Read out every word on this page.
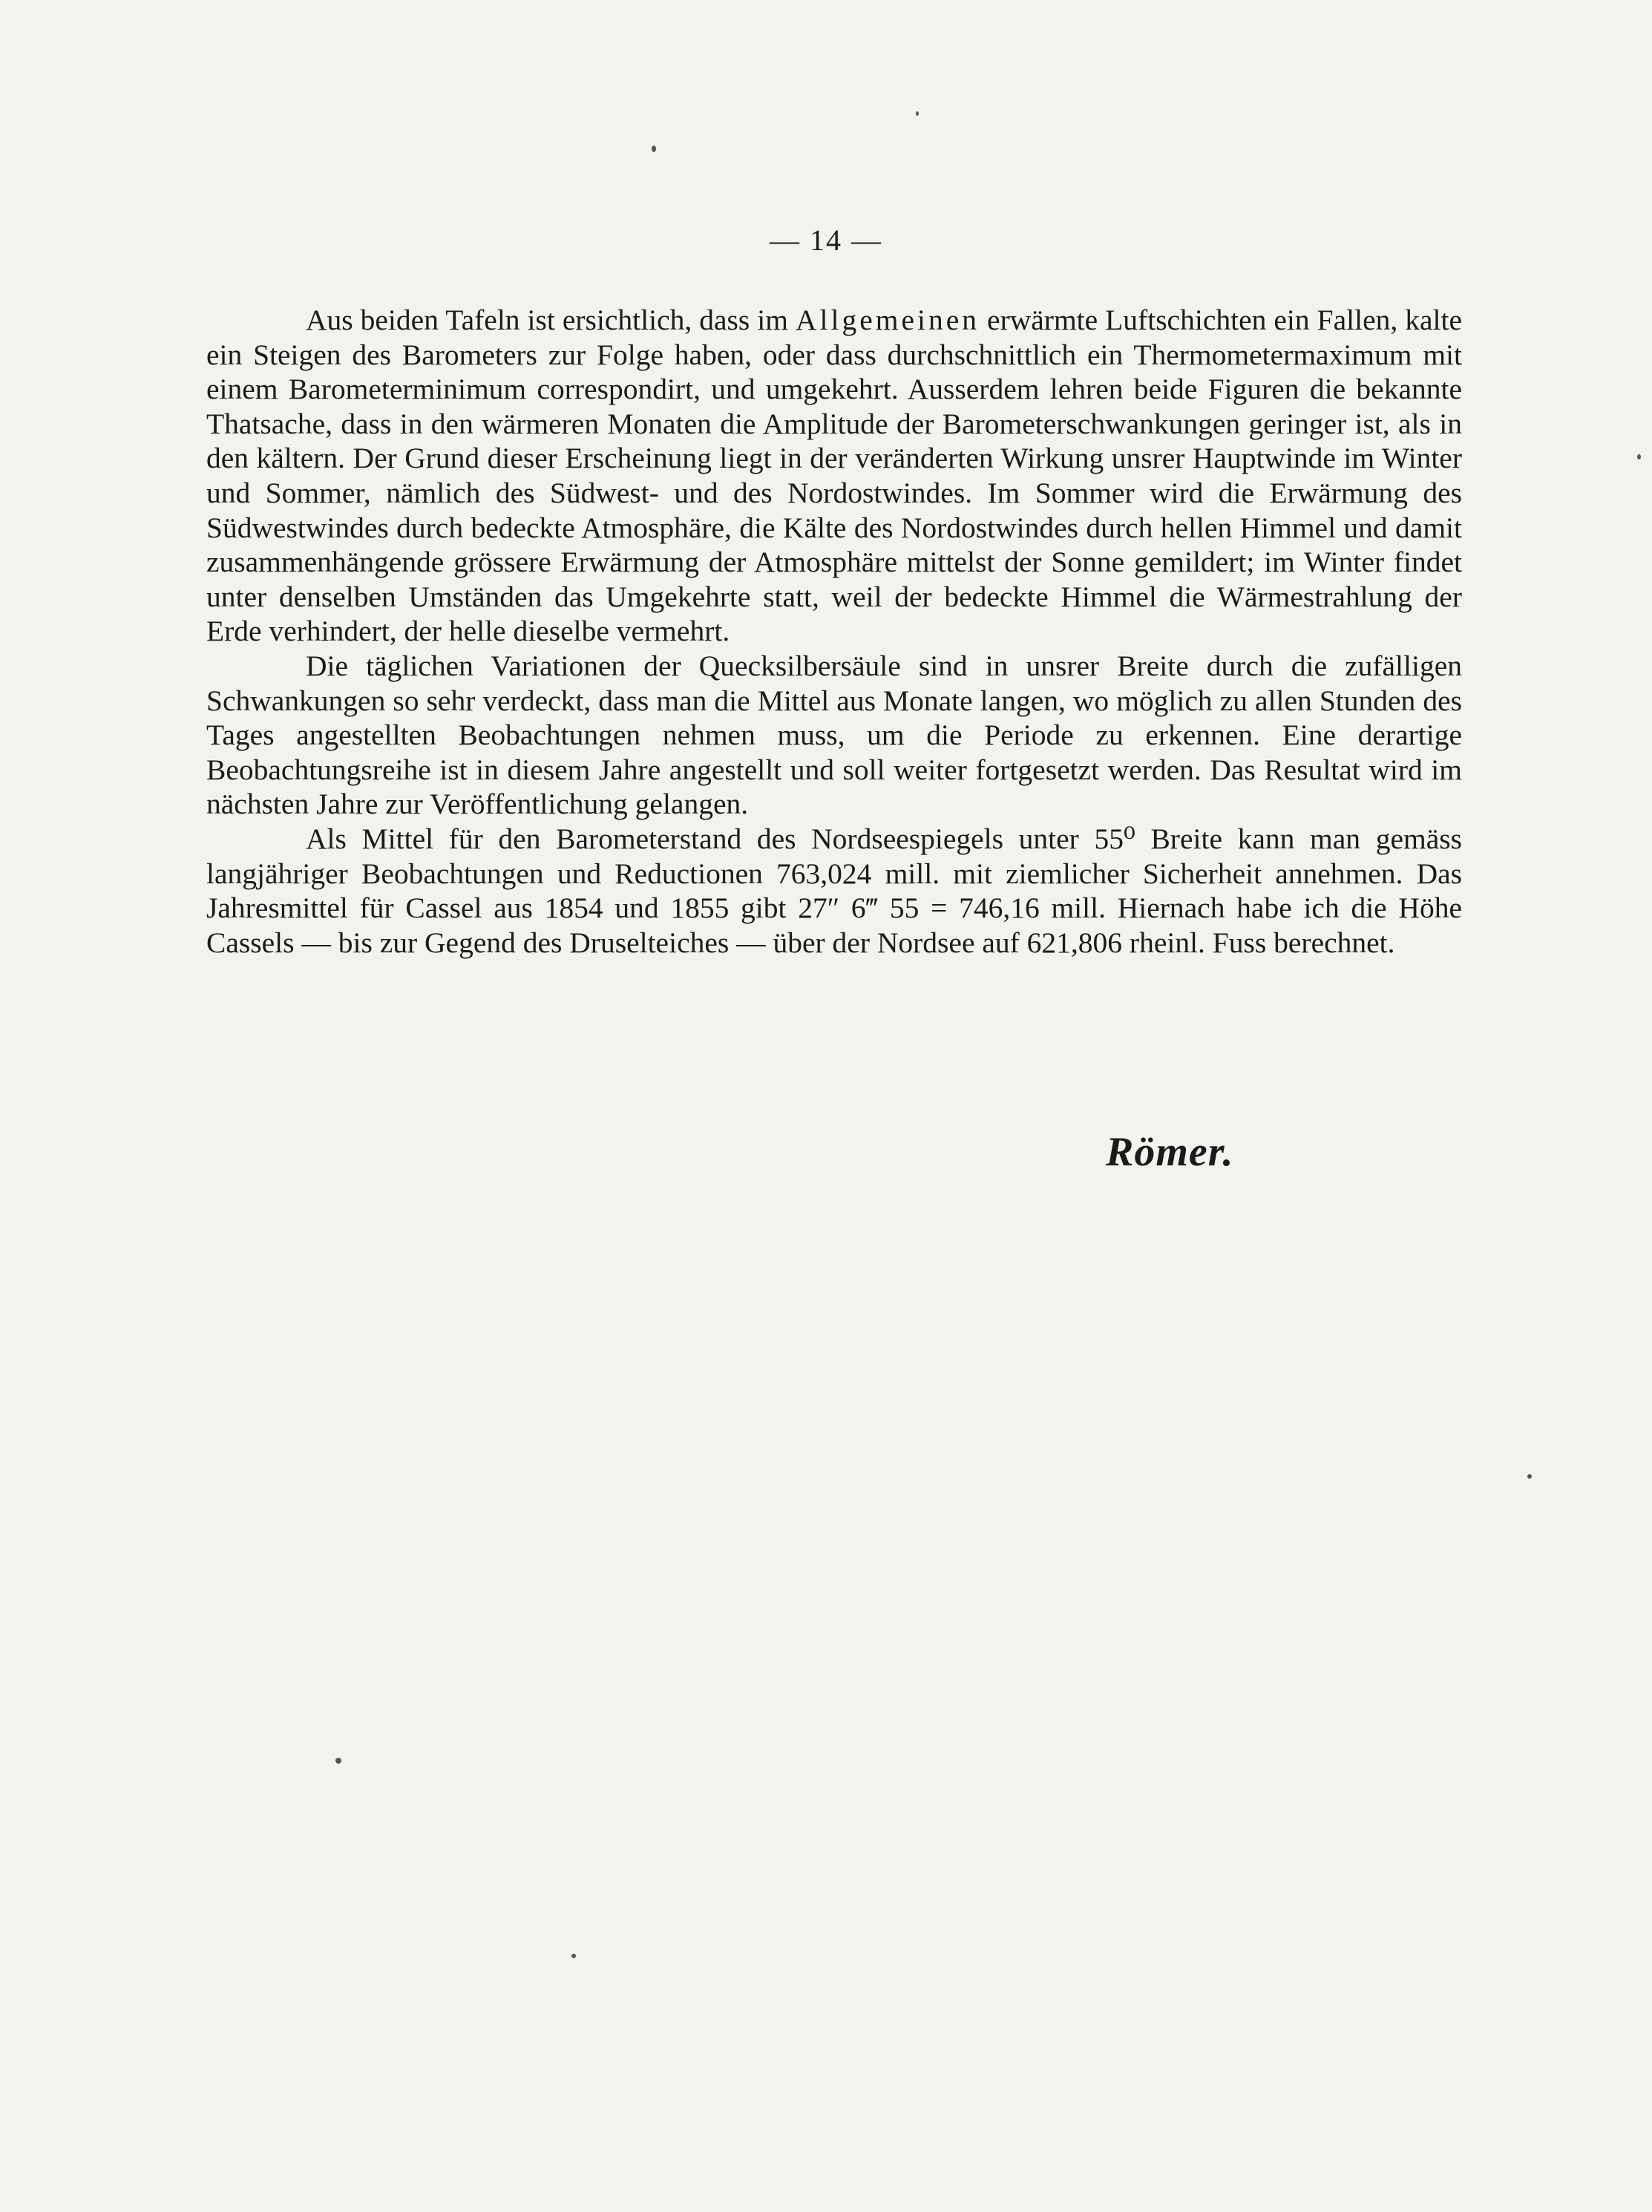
— 14 —

Aus beiden Tafeln ist ersichtlich, dass im Allgemeinen erwärmte Luftschichten ein Fallen, kalte ein Steigen des Barometers zur Folge haben, oder dass durchschnittlich ein Thermometermaximum mit einem Barometerminimum correspondirt, und umgekehrt. Ausserdem lehren beide Figuren die bekannte Thatsache, dass in den wärmeren Monaten die Amplitude der Barometerschwankungen geringer ist, als in den kältern. Der Grund dieser Erscheinung liegt in der veränderten Wirkung unsrer Hauptwinde im Winter und Sommer, nämlich des Südwest- und des Nordostwindes. Im Sommer wird die Erwärmung des Südwestwindes durch bedeckte Atmosphäre, die Kälte des Nordostwindes durch hellen Himmel und damit zusammenhängende grössere Erwärmung der Atmosphäre mittelst der Sonne gemildert; im Winter findet unter denselben Umständen das Umgekehrte statt, weil der bedeckte Himmel die Wärmestrahlung der Erde verhindert, der helle dieselbe vermehrt.

Die täglichen Variationen der Quecksilbersäule sind in unsrer Breite durch die zufälligen Schwankungen so sehr verdeckt, dass man die Mittel aus Monate langen, wo möglich zu allen Stunden des Tages angestellten Beobachtungen nehmen muss, um die Periode zu erkennen. Eine derartige Beobachtungsreihe ist in diesem Jahre angestellt und soll weiter fortgesetzt werden. Das Resultat wird im nächsten Jahre zur Veröffentlichung gelangen.

Als Mittel für den Barometerstand des Nordseespiegels unter 55⁰ Breite kann man gemäss langjähriger Beobachtungen und Reductionen 763,024 mill. mit ziemlicher Sicherheit annehmen. Das Jahresmittel für Cassel aus 1854 und 1855 gibt 27″ 6‴ 55 = 746,16 mill. Hiernach habe ich die Höhe Cassels — bis zur Gegend des Druselteiches — über der Nordsee auf 621,806 rheinl. Fuss berechnet.

Römer.
